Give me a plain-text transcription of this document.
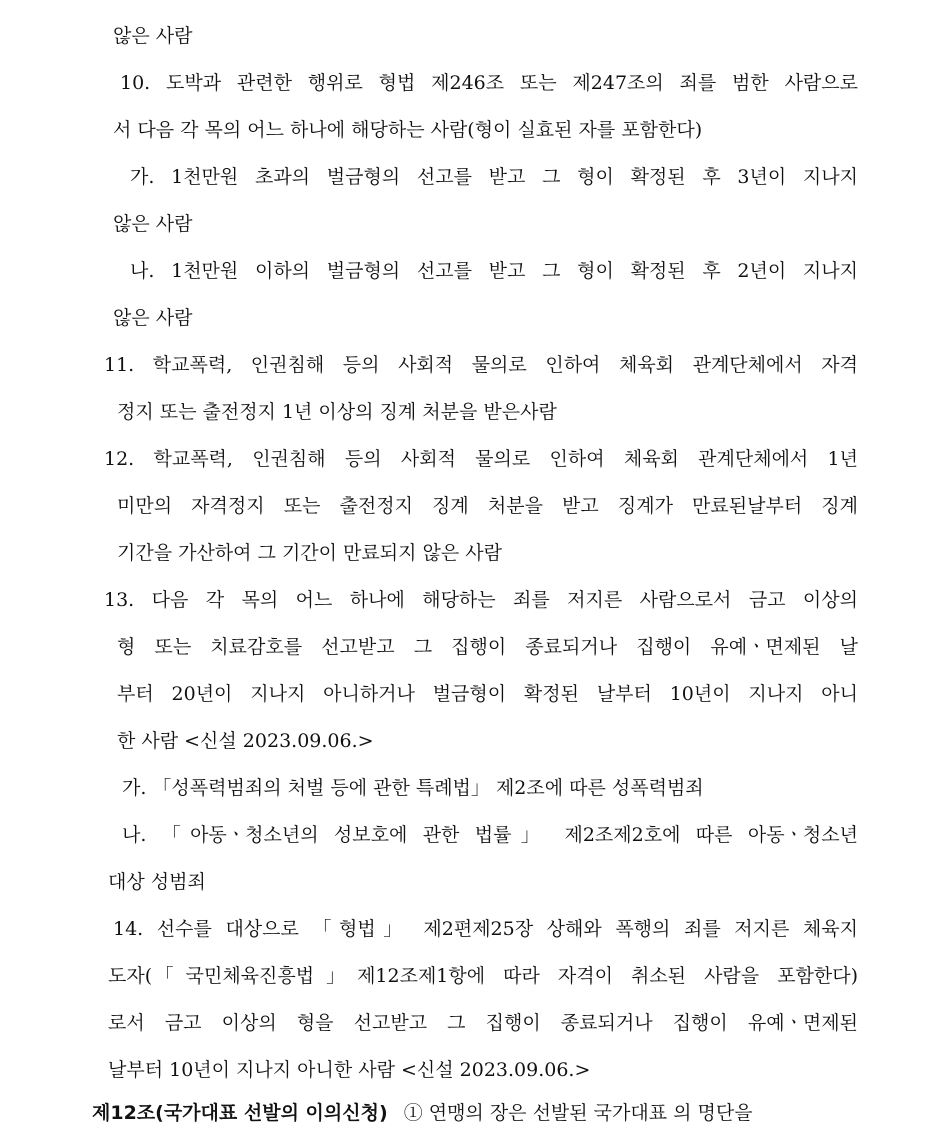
않은 사람
10. 도박과 관련한 행위로 형법 제246조 또는 제247조의 죄를 범한 사람으로
서 다음 각 목의 어느 하나에 해당하는 사람(형이 실효된 자를 포함한다)
가. 1천만원 초과의 벌금형의 선고를 받고 그 형이 확정된 후 3년이 지나지
않은 사람
나. 1천만원 이하의 벌금형의 선고를 받고 그 형이 확정된 후 2년이 지나지
않은 사람
11. 학교폭력, 인권침해 등의 사회적 물의로 인하여 체육회 관계단체에서 자격
정지 또는 출전정지 1년 이상의 징계 처분을 받은사람
12. 학교폭력, 인권침해 등의 사회적 물의로 인하여 체육회 관계단체에서 1년
미만의 자격정지 또는 출전정지 징계 처분을 받고 징계가 만료된날부터 징계
기간을 가산하여 그 기간이 만료되지 않은 사람
13. 다음 각 목의 어느 하나에 해당하는 죄를 저지른 사람으로서 금고 이상의
형 또는 치료감호를 선고받고 그 집행이 종료되거나 집행이 유예ㆍ면제된 날
부터 20년이 지나지 아니하거나 벌금형이 확정된 날부터 10년이 지나지 아니
한 사람 <신설 2023.09.06.>
가. 「성폭력범죄의 처벌 등에 관한 특례법」 제2조에 따른 성폭력범죄
나. 「아동ㆍ청소년의 성보호에 관한 법률」 제2조제2호에 따른 아동ㆍ청소년
대상 성범죄
14. 선수를 대상으로 「형법」 제2편제25장 상해와 폭행의 죄를 저지른 체육지
도자(「국민체육진흥법」제12조제1항에 따라 자격이 취소된 사람을 포함한다)
로서 금고 이상의 형을 선고받고 그 집행이 종료되거나 집행이 유예ㆍ면제된
날부터 10년이 지나지 아니한 사람 <신설 2023.09.06.>
제12조(국가대표 선발의 이의신청) ① 연맹의 장은 선발된 국가대표 의 명단을
